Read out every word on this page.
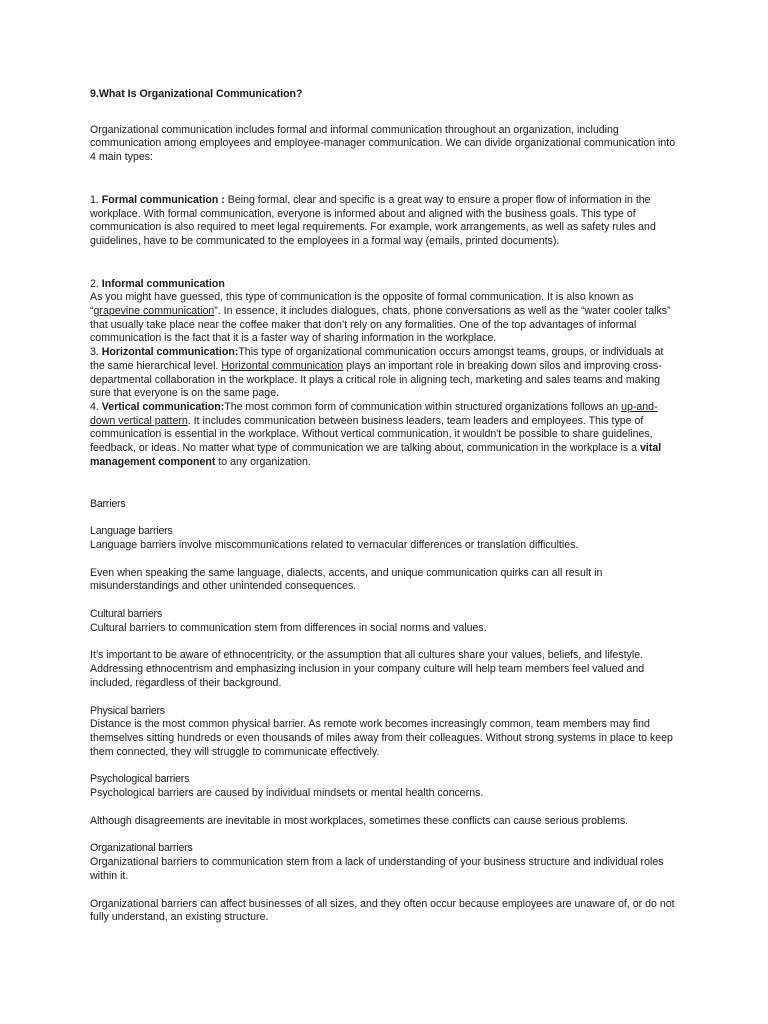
9.What Is Organizational Communication?

Organizational communication includes formal and informal communication throughout an organization, including communication among employees and employee-manager communication. We can divide organizational communication into 4 main types:

1. Formal communication : Being formal, clear and specific is a great way to ensure a proper flow of information in the workplace. With formal communication, everyone is informed about and aligned with the business goals. This type of communication is also required to meet legal requirements. For example, work arrangements, as well as safety rules and guidelines, have to be communicated to the employees in a formal way (emails, printed documents).

2. Informal communication

As you might have guessed, this type of communication is the opposite of formal communication. It is also known as “grapevine communication”. In essence, it includes dialogues, chats, phone conversations as well as the “water cooler talks” that usually take place near the coffee maker that don’t rely on any formalities. One of the top advantages of informal communication is the fact that it is a faster way of sharing information in the workplace.

3. Horizontal communication:This type of organizational communication occurs amongst teams, groups, or individuals at the same hierarchical level. Horizontal communication plays an important role in breaking down silos and improving cross-departmental collaboration in the workplace. It plays a critical role in aligning tech, marketing and sales teams and making sure that everyone is on the same page.

4. Vertical communication:The most common form of communication within structured organizations follows an up-and-down vertical pattern. It includes communication between business leaders, team leaders and employees. This type of communication is essential in the workplace. Without vertical communication, it wouldn't be possible to share guidelines, feedback, or ideas. No matter what type of communication we are talking about, communication in the workplace is a vital management component to any organization.

Barriers

Language barriers

Language barriers involve miscommunications related to vernacular differences or translation difficulties.

Even when speaking the same language, dialects, accents, and unique communication quirks can all result in misunderstandings and other unintended consequences.

Cultural barriers

Cultural barriers to communication stem from differences in social norms and values.

It’s important to be aware of ethnocentricity, or the assumption that all cultures share your values, beliefs, and lifestyle. Addressing ethnocentrism and emphasizing inclusion in your company culture will help team members feel valued and included, regardless of their background.

Physical barriers

Distance is the most common physical barrier. As remote work becomes increasingly common, team members may find themselves sitting hundreds or even thousands of miles away from their colleagues. Without strong systems in place to keep them connected, they will struggle to communicate effectively.

Psychological barriers

Psychological barriers are caused by individual mindsets or mental health concerns.

Although disagreements are inevitable in most workplaces, sometimes these conflicts can cause serious problems.

Organizational barriers

Organizational barriers to communication stem from a lack of understanding of your business structure and individual roles within it.

Organizational barriers can affect businesses of all sizes, and they often occur because employees are unaware of, or do not fully understand, an existing structure.
